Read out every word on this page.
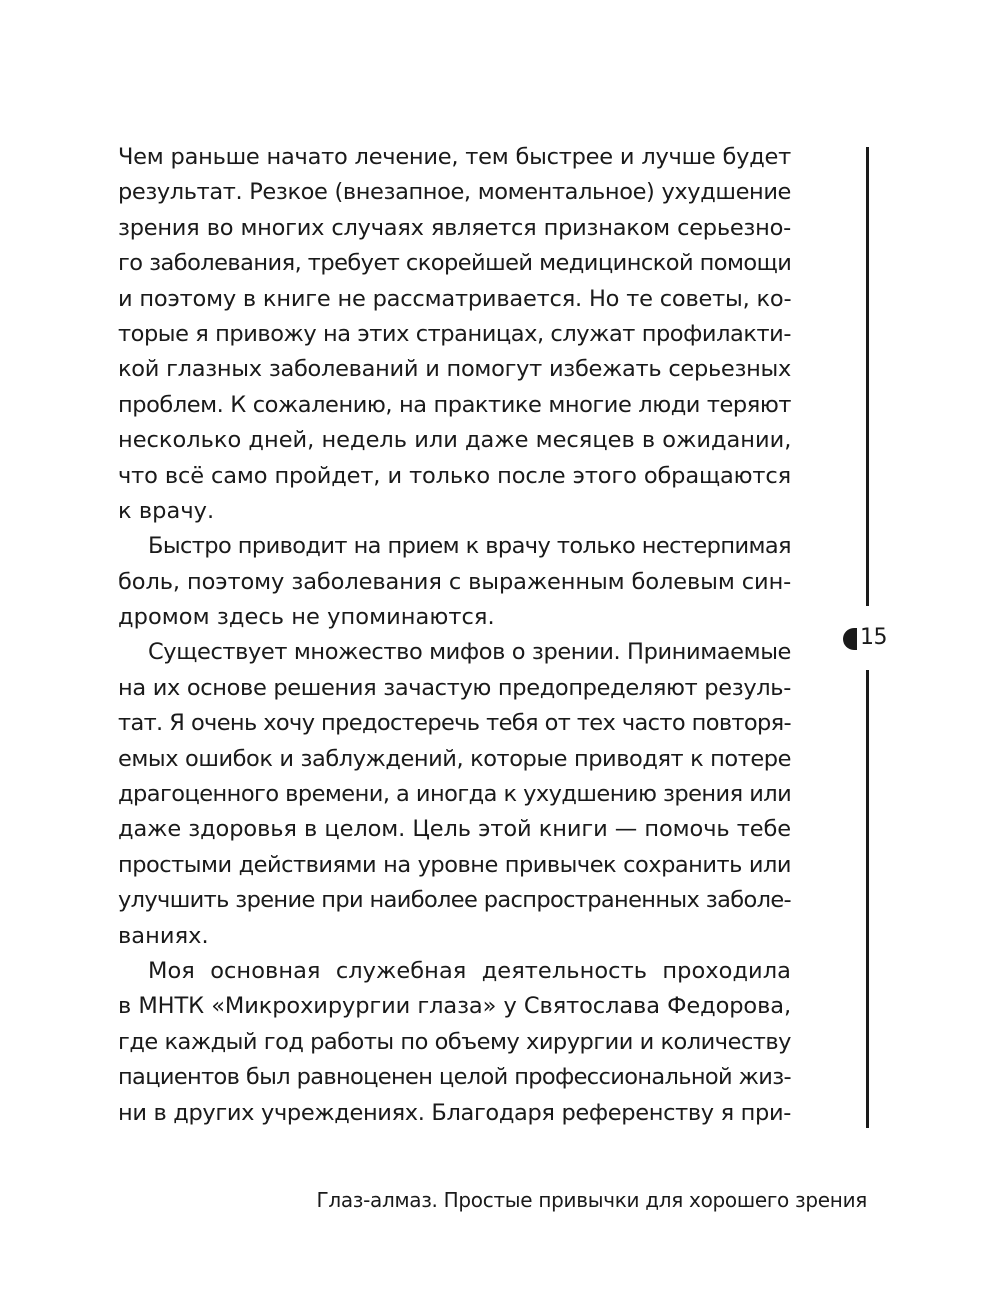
Чем раньше начато лечение, тем быстрее и лучше будет
результат. Резкое (внезапное, моментальное) ухудшение
зрения во многих случаях является признаком серьезно-
го заболевания, требует скорейшей медицинской помощи
и поэтому в книге не рассматривается. Но те советы, ко-
торые я привожу на этих страницах, служат профилакти-
кой глазных заболеваний и помогут избежать серьезных
проблем. К сожалению, на практике многие люди теряют
несколько дней, недель или даже месяцев в ожидании,
что всё само пройдет, и только после этого обращаются
к врачу.
Быстро приводит на прием к врачу только нестерпимая
боль, поэтому заболевания с выраженным болевым син-
дромом здесь не упоминаются.
Существует множество мифов о зрении. Принимаемые
на их основе решения зачастую предопределяют резуль-
тат. Я очень хочу предостеречь тебя от тех часто повторя-
емых ошибок и заблуждений, которые приводят к потере
драгоценного времени, а иногда к ухудшению зрения или
даже здоровья в целом. Цель этой книги — помочь тебе
простыми действиями на уровне привычек сохранить или
улучшить зрение при наиболее распространенных заболе-
ваниях.
Моя основная служебная деятельность проходила
в МНТК «Микрохирургии глаза» у Святослава Федорова,
где каждый год работы по объему хирургии и количеству
пациентов был равноценен целой профессиональной жиз-
ни в других учреждениях. Благодаря референству я при-
15
Глаз-алмаз. Простые привычки для хорошего зрения
